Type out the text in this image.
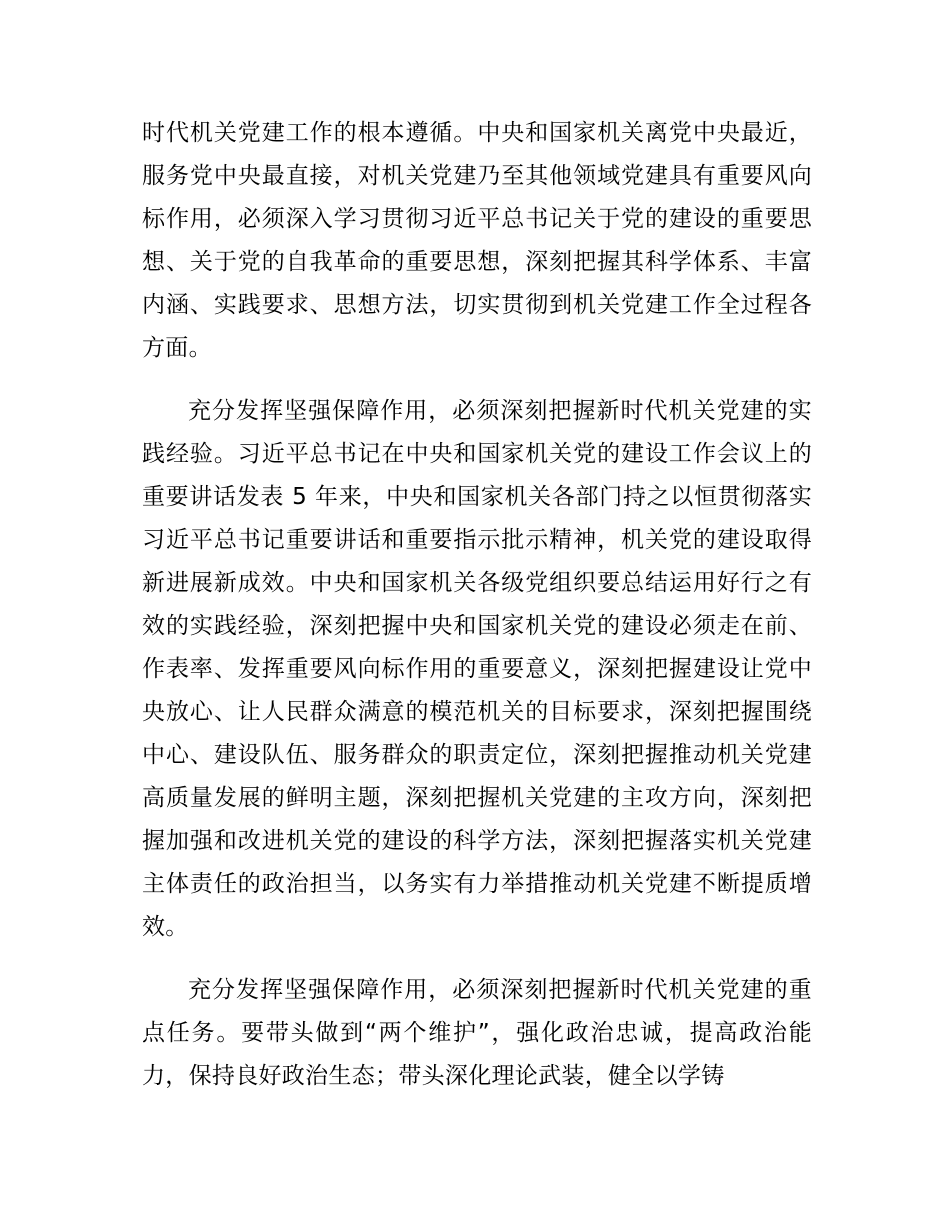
时代机关党建工作的根本遵循。中央和国家机关离党中央最近，服务党中央最直接，对机关党建乃至其他领域党建具有重要风向标作用，必须深入学习贯彻习近平总书记关于党的建设的重要思想、关于党的自我革命的重要思想，深刻把握其科学体系、丰富内涵、实践要求、思想方法，切实贯彻到机关党建工作全过程各方面。

充分发挥坚强保障作用，必须深刻把握新时代机关党建的实践经验。习近平总书记在中央和国家机关党的建设工作会议上的重要讲话发表 5 年来，中央和国家机关各部门持之以恒贯彻落实习近平总书记重要讲话和重要指示批示精神，机关党的建设取得新进展新成效。中央和国家机关各级党组织要总结运用好行之有效的实践经验，深刻把握中央和国家机关党的建设必须走在前、作表率、发挥重要风向标作用的重要意义，深刻把握建设让党中央放心、让人民群众满意的模范机关的目标要求，深刻把握围绕中心、建设队伍、服务群众的职责定位，深刻把握推动机关党建高质量发展的鲜明主题，深刻把握机关党建的主攻方向，深刻把握加强和改进机关党的建设的科学方法，深刻把握落实机关党建主体责任的政治担当，以务实有力举措推动机关党建不断提质增效。

充分发挥坚强保障作用，必须深刻把握新时代机关党建的重点任务。要带头做到“两个维护”，强化政治忠诚，提高政治能力，保持良好政治生态；带头深化理论武装，健全以学铸
